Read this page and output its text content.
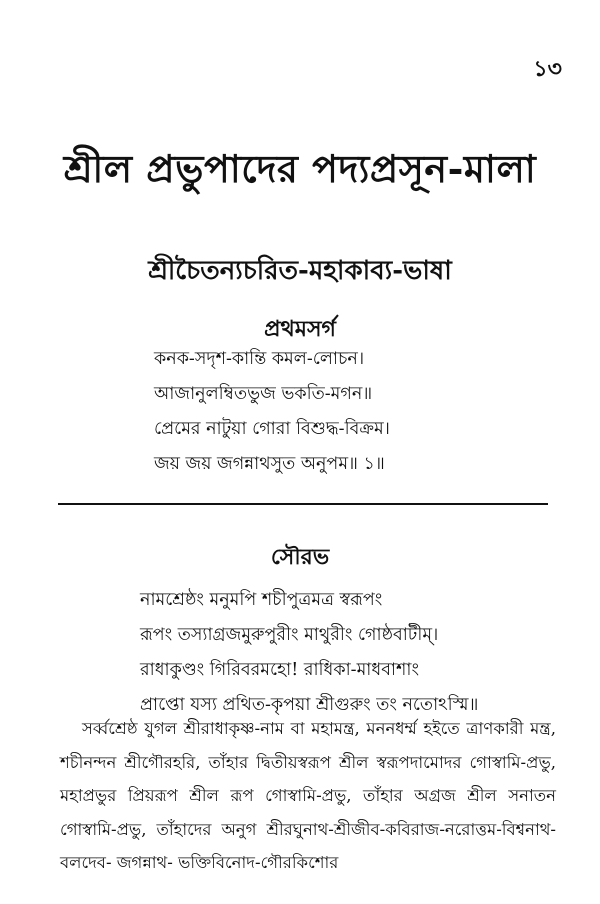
১৩
শ্রীল প্রভুপাদের পদ্যপ্রসূন-মালা
শ্রীচৈতন্যচরিত-মহাকাব্য-ভাষা
প্রথমসর্গ
কনক-সদৃশ-কান্তি কমল-লোচন।
আজানুলম্বিতভুজ ভকতি-মগন॥
প্রেমের নাটুয়া গোরা বিশুদ্ধ-বিক্রম।
জয় জয় জগন্নাথসুত অনুপম॥ ১॥
সৌরভ
নামশ্রেষ্ঠং মনুমপি শচীপুত্রমত্র স্বরূপং
রূপং তস্যাগ্রজমুরুপুরীং মাথুরীং গোষ্ঠবাটীম্।
রাধাকুণ্ডং গিরিবরমহো! রাধিকা-মাধবাশাং
প্রাপ্তো যস্য প্রথিত-কৃপয়া শ্রীগুরুং তং নতোঽস্মি॥

সর্ব্বশ্রেষ্ঠ যুগল শ্রীরাধাকৃষ্ণ-নাম বা মহামন্ত্র, মননধর্ম্ম হইতে ত্রাণকারী মন্ত্র, শচীনন্দন শ্রীগৌরহরি, তাঁহার দ্বিতীয়স্বরূপ শ্রীল স্বরূপদামোদর গোস্বামি-প্রভু, মহাপ্রভুর প্রিয়রূপ শ্রীল রূপ গোস্বামি-প্রভু, তাঁহার অগ্রজ শ্রীল সনাতন গোস্বামি-প্রভু, তাঁহাদের অনুগ শ্রীরঘুনাথ-শ্রীজীব-কবিরাজ-নরোত্তম-বিশ্বনাথ- বলদেব- জগন্নাথ- ভক্তিবিনোদ-গৌরকিশোর
